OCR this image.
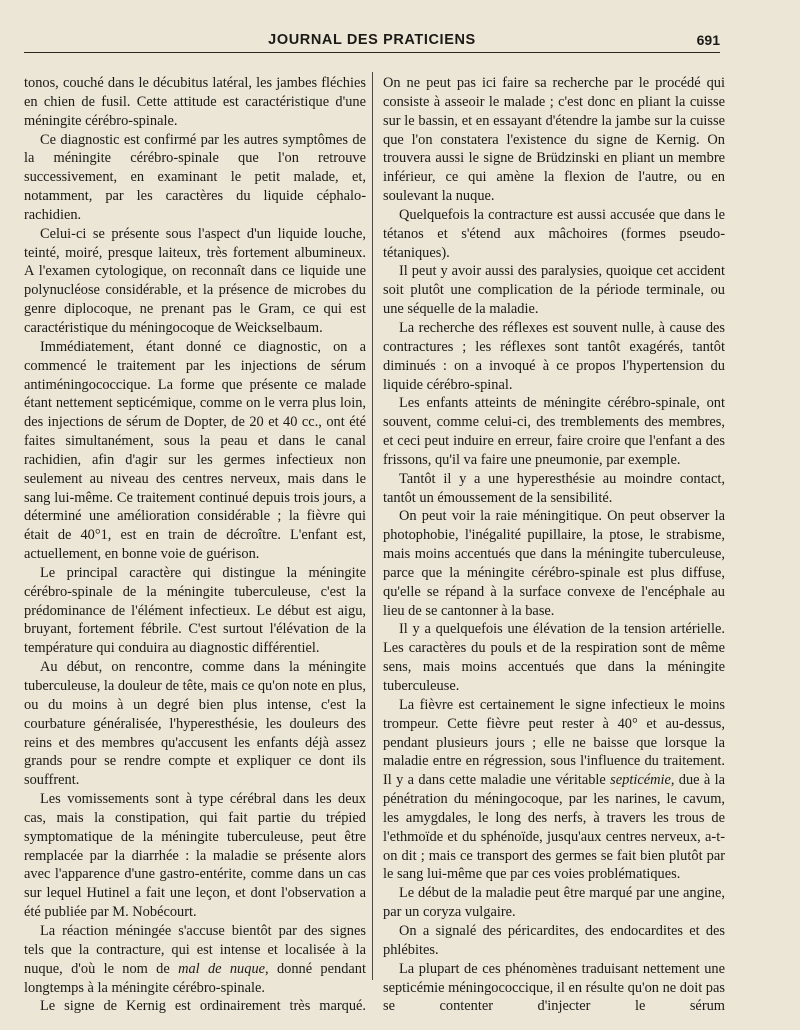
JOURNAL DES PRATICIENS	691

tonos, couché dans le décubitus latéral, les jambes fléchies en chien de fusil. Cette attitude est caractéristique d'une méningite cérébro-spinale.

Ce diagnostic est confirmé par les autres symptômes de la méningite cérébro-spinale que l'on retrouve successivement, en examinant le petit malade, et, notamment, par les caractères du liquide céphalo-rachidien.

Celui-ci se présente sous l'aspect d'un liquide louche, teinté, moiré, presque laiteux, très fortement albumineux. A l'examen cytologique, on reconnaît dans ce liquide une polynucléose considérable, et la présence de microbes du genre diplocoque, ne prenant pas le Gram, ce qui est caractéristique du méningocoque de Weickselbaum.

Immédiatement, étant donné ce diagnostic, on a commencé le traitement par les injections de sérum antiméningococcique. La forme que présente ce malade étant nettement septicémique, comme on le verra plus loin, des injections de sérum de Dopter, de 20 et 40 cc., ont été faites simultanément, sous la peau et dans le canal rachidien, afin d'agir sur les germes infectieux non seulement au niveau des centres nerveux, mais dans le sang lui-même. Ce traitement continué depuis trois jours, a déterminé une amélioration considérable ; la fièvre qui était de 40°1, est en train de décroître. L'enfant est, actuellement, en bonne voie de guérison.

Le principal caractère qui distingue la méningite cérébro-spinale de la méningite tuberculeuse, c'est la prédominance de l'élément infectieux. Le début est aigu, bruyant, fortement fébrile. C'est surtout l'élévation de la température qui conduira au diagnostic différentiel.

Au début, on rencontre, comme dans la méningite tuberculeuse, la douleur de tête, mais ce qu'on note en plus, ou du moins à un degré bien plus intense, c'est la courbature généralisée, l'hyperesthésie, les douleurs des reins et des membres qu'accusent les enfants déjà assez grands pour se rendre compte et expliquer ce dont ils souffrent.

Les vomissements sont à type cérébral dans les deux cas, mais la constipation, qui fait partie du trépied symptomatique de la méningite tuberculeuse, peut être remplacée par la diarrhée : la maladie se présente alors avec l'apparence d'une gastro-entérite, comme dans un cas sur lequel Hutinel a fait une leçon, et dont l'observation a été publiée par M. Nobécourt.

La réaction méningée s'accuse bientôt par des signes tels que la contracture, qui est intense et localisée à la nuque, d'où le nom de mal de nuque, donné pendant longtemps à la méningite cérébro-spinale.

Le signe de Kernig est ordinairement très marqué.

On ne peut pas ici faire sa recherche par le procédé qui consiste à asseoir le malade ; c'est donc en pliant la cuisse sur le bassin, et en essayant d'étendre la jambe sur la cuisse que l'on constatera l'existence du signe de Kernig. On trouvera aussi le signe de Brüdzinski en pliant un membre inférieur, ce qui amène la flexion de l'autre, ou en soulevant la nuque.

Quelquefois la contracture est aussi accusée que dans le tétanos et s'étend aux mâchoires (formes pseudo-tétaniques).

Il peut y avoir aussi des paralysies, quoique cet accident soit plutôt une complication de la période terminale, ou une séquelle de la maladie.

La recherche des réflexes est souvent nulle, à cause des contractures ; les réflexes sont tantôt exagérés, tantôt diminués : on a invoqué à ce propos l'hypertension du liquide cérébro-spinal.

Les enfants atteints de méningite cérébro-spinale, ont souvent, comme celui-ci, des tremblements des membres, et ceci peut induire en erreur, faire croire que l'enfant a des frissons, qu'il va faire une pneumonie, par exemple.

Tantôt il y a une hyperesthésie au moindre contact, tantôt un émoussement de la sensibilité.

On peut voir la raie méningitique. On peut observer la photophobie, l'inégalité pupillaire, la ptose, le strabisme, mais moins accentués que dans la méningite tuberculeuse, parce que la méningite cérébro-spinale est plus diffuse, qu'elle se répand à la surface convexe de l'encéphale au lieu de se cantonner à la base.

Il y a quelquefois une élévation de la tension artérielle. Les caractères du pouls et de la respiration sont de même sens, mais moins accentués que dans la méningite tuberculeuse.

La fièvre est certainement le signe infectieux le moins trompeur. Cette fièvre peut rester à 40° et au-dessus, pendant plusieurs jours ; elle ne baisse que lorsque la maladie entre en régression, sous l'influence du traitement. Il y a dans cette maladie une véritable septicémie, due à la pénétration du méningocoque, par les narines, le cavum, les amygdales, le long des nerfs, à travers les trous de l'ethmoïde et du sphénoïde, jusqu'aux centres nerveux, a-t-on dit ; mais ce transport des germes se fait bien plutôt par le sang lui-même que par ces voies problématiques.

Le début de la maladie peut être marqué par une angine, par un coryza vulgaire.

On a signalé des péricardites, des endocardites et des phlébites.

La plupart de ces phénomènes traduisant nettement une septicémie méningococcique, il en résulte qu'on ne doit pas se contenter d'injecter le sérum
